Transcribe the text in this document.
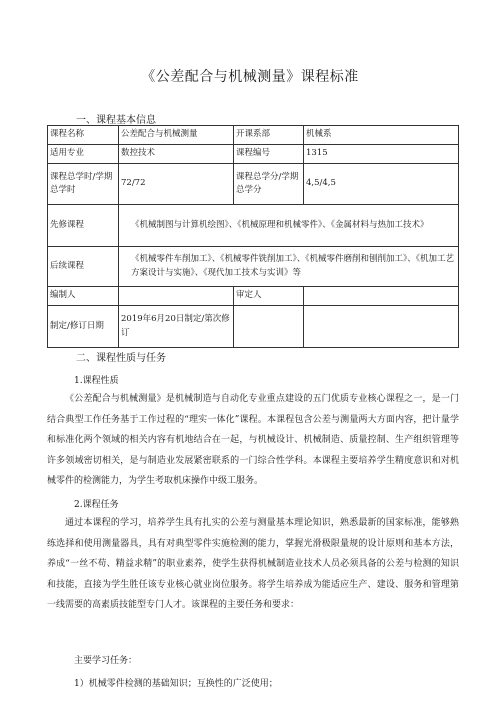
《公差配合与机械测量》课程标准
一、课程基本信息
课程名称	公差配合与机械测量	开课系部	机械系
适用专业	数控技术	课程编号	1315
课程总学时/学期总学时	72/72	课程总学分/学期总学分	4,5/4,5
先修课程	《机械制图与计算机绘图》、《机械原理和机械零件》、《金属材料与热加工技术》		
后续课程	《机械零件车削加工》、《机械零件铣削加工》、《机械零件磨削和刨削加工》、《机加工艺方案设计与实施》、《现代加工技术与实训》等		
编制人		审定人	
制定/修订日期	2019年6月20日制定/第次修订		
二、课程性质与任务
1.课程性质
《公差配合与机械测量》是机械制造与自动化专业重点建设的五门优质专业核心课程之一，是一门结合典型工作任务基于工作过程的“理实一体化”课程。本课程包含公差与测量两大方面内容，把计量学和标准化两个领域的相关内容有机地结合在一起，与机械设计、机械制造、质量控制、生产组织管理等许多领域密切相关，是与制造业发展紧密联系的一门综合性学科。本课程主要培养学生精度意识和对机械零件的检测能力，为学生考取机床操作中级工服务。
2.课程任务
通过本课程的学习，培养学生具有扎实的公差与测量基本理论知识，熟悉最新的国家标准，能够熟练选择和使用测量器具，具有对典型零件实施检测的能力，掌握光滑极限量规的设计原则和基本方法，养成“一丝不苟、精益求精”的职业素养，使学生获得机械制造业技术人员必须具备的公差与检测的知识和技能，直接为学生胜任该专业核心就业岗位服务。将学生培养成为能适应生产、建设、服务和管理第一线需要的高素质技能型专门人才。该课程的主要任务和要求：
主要学习任务：
1）机械零件检测的基础知识；互换性的广泛使用；
